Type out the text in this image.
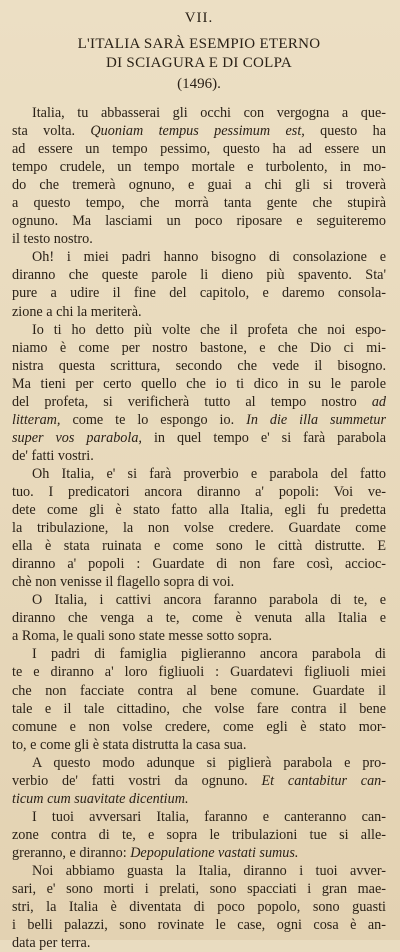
VII.
L'ITALIA SARÀ ESEMPIO ETERNO
DI SCIAGURA E DI COLPA
(1496).

Italia, tu abbasserai gli occhi con vergogna a que-
sta volta. Quoniam tempus pessimum est, questo ha
ad essere un tempo pessimo, questo ha ad essere un
tempo crudele, un tempo mortale e turbolento, in mo-
do che tremerà ognuno, e guai a chi gli si troverà
a questo tempo, che morrà tanta gente che stupirà
ognuno. Ma lasciami un poco riposare e seguiteremo
il testo nostro.

Oh! i miei padri hanno bisogno di consolazione e
diranno che queste parole li dieno più spavento. Sta'
pure a udire il fine del capitolo, e daremo consola-
zione a chi la meriterà.

Io ti ho detto più volte che il profeta che noi espo-
niamo è come per nostro bastone, e che Dio ci mi-
nistra questa scrittura, secondo che vede il bisogno.
Ma tieni per certo quello che io ti dico in su le parole
del profeta, si verificherà tutto al tempo nostro ad
litteram, come te lo espongo io. In die illa summetur
super vos parabola, in quel tempo e' si farà parabola
de' fatti vostri.

Oh Italia, e' si farà proverbio e parabola del fatto
tuo. I predicatori ancora diranno a' popoli: Voi ve-
dete come gli è stato fatto alla Italia, egli fu predetta
la tribulazione, la non volse credere. Guardate come
ella è stata ruinata e come sono le città distrutte. E
diranno a' popoli : Guardate di non fare così, accioc-
chè non venisse il flagello sopra di voi.

O Italia, i cattivi ancora faranno parabola di te, e
diranno che venga a te, come è venuta alla Italia e
a Roma, le quali sono state messe sotto sopra.

I padri di famiglia piglieranno ancora parabola di
te e diranno a' loro figliuoli : Guardatevi figliuoli miei
che non facciate contra al bene comune. Guardate il
tale e il tale cittadino, che volse fare contra il bene
comune e non volse credere, come egli è stato mor-
to, e come gli è stata distrutta la casa sua.

A questo modo adunque si piglierà parabola e pro-
verbio de' fatti vostri da ognuno. Et cantabitur can-
ticum cum suavitate dicentium.

I tuoi avversari Italia, faranno e canteranno can-
zone contra di te, e sopra le tribulazioni tue si alle-
greranno, e diranno: Depopulatione vastati sumus.

Noi abbiamo guasta la Italia, diranno i tuoi avver-
sari, e' sono morti i prelati, sono spacciati i gran mae-
stri, la Italia è diventata di poco popolo, sono guasti
i belli palazzi, sono rovinate le case, ogni cosa è an-
data per terra.
